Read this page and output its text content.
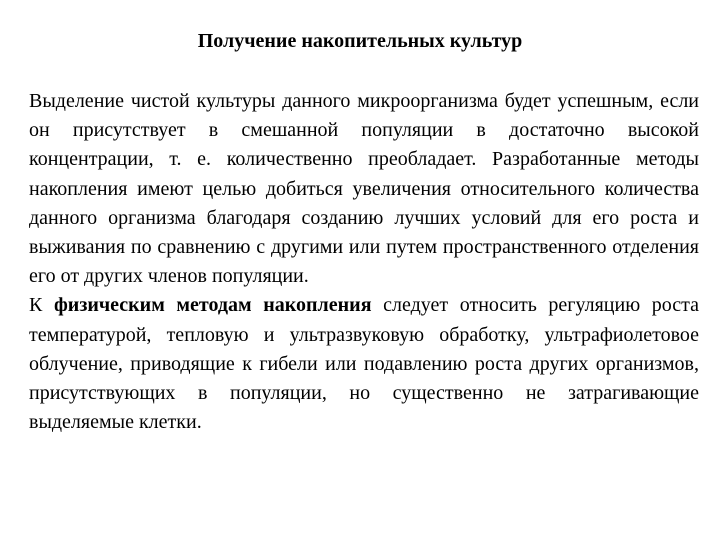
Получение накопительных культур

Выделение чистой культуры данного микроорганизма будет успешным, если он присутствует в смешанной популяции в достаточно высокой концентрации, т. е. количественно преобладает. Разработанные методы накопления имеют целью добиться увеличения относительного количества данного организма благодаря созданию лучших условий для его роста и выживания по сравнению с другими или путем пространственного отделения его от других членов популяции.

К физическим методам накопления следует относить регуляцию роста температурой, тепловую и ультразвуковую обработку, ультрафиолетовое облучение, приводящие к гибели или подавлению роста других организмов, присутствующих в популяции, но существенно не затрагивающие выделяемые клетки.
